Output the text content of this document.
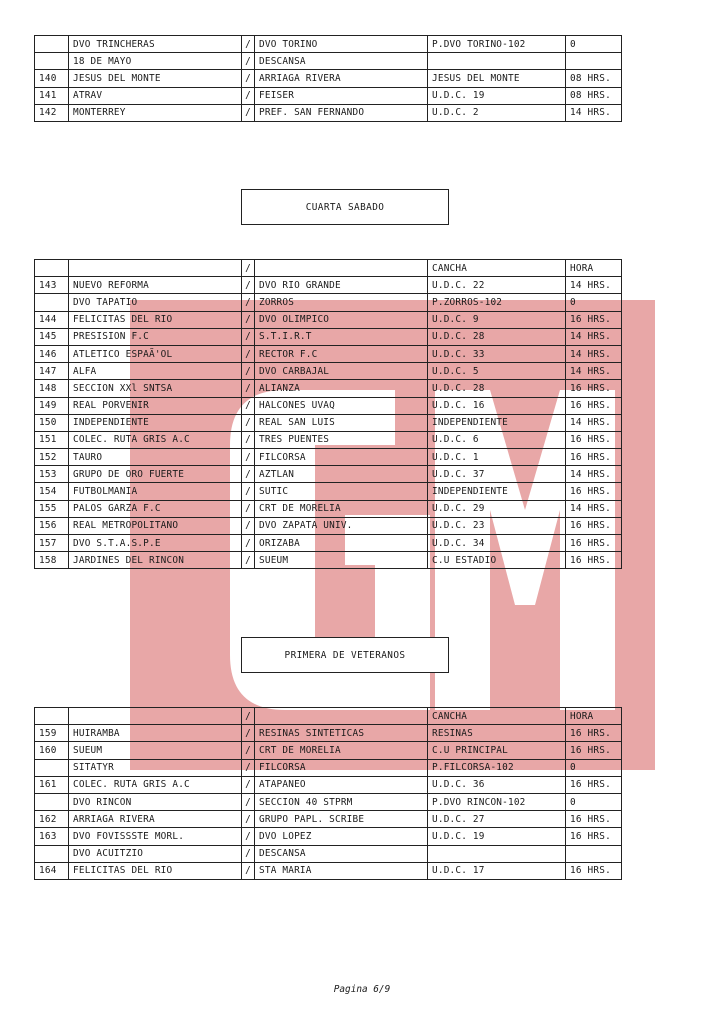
	DVO TRINCHERAS	/	DVO TORINO	P.DVO TORINO-102	0
	18 DE MAYO	/	DESCANSA		
140	JESUS DEL MONTE	/	ARRIAGA RIVERA	JESUS DEL MONTE	08 HRS.
141	ATRAV	/	FEISER	U.D.C. 19	08 HRS.
142	MONTERREY	/	PREF. SAN FERNANDO	U.D.C. 2	14 HRS.
CUARTA SABADO
		/		CANCHA	HORA
143	NUEVO REFORMA	/	DVO RIO GRANDE	U.D.C. 22	14 HRS.
	DVO TAPATIO	/	ZORROS	P.ZORROS-102	0
144	FELICITAS DEL RIO	/	DVO OLIMPICO	U.D.C. 9	16 HRS.
145	PRESISION F.C	/	S.T.I.R.T	U.D.C. 28	14 HRS.
146	ATLETICO ESPAÃ'OL	/	RECTOR F.C	U.D.C. 33	14 HRS.
147	ALFA	/	DVO CARBAJAL	U.D.C. 5	14 HRS.
148	SECCION XXl SNTSA	/	ALIANZA	U.D.C. 28	16 HRS.
149	REAL PORVENIR	/	HALCONES UVAQ	U.D.C. 16	16 HRS.
150	INDEPENDIENTE	/	REAL SAN LUIS	INDEPENDIENTE	14 HRS.
151	COLEC. RUTA GRIS A.C	/	TRES PUENTES	U.D.C. 6	16 HRS.
152	TAURO	/	FILCORSA	U.D.C. 1	16 HRS.
153	GRUPO DE ORO FUERTE	/	AZTLAN	U.D.C. 37	14 HRS.
154	FUTBOLMANIA	/	SUTIC	INDEPENDIENTE	16 HRS.
155	PALOS GARZA F.C	/	CRT DE MORELIA	U.D.C. 29	14 HRS.
156	REAL METROPOLITANO	/	DVO ZAPATA UNIV.	U.D.C. 23	16 HRS.
157	DVO S.T.A.S.P.E	/	ORIZABA	U.D.C. 34	16 HRS.
158	JARDINES DEL RINCON	/	SUEUM	C.U ESTADIO	16 HRS.
PRIMERA DE VETERANOS
		/		CANCHA	HORA
159	HUIRAMBA	/	RESINAS SINTETICAS	RESINAS	16 HRS.
160	SUEUM	/	CRT DE MORELIA	C.U PRINCIPAL	16 HRS.
	SITATYR	/	FILCORSA	P.FILCORSA-102	0
161	COLEC. RUTA GRIS A.C	/	ATAPANEO	U.D.C. 36	16 HRS.
	DVO RINCON	/	SECCION 40 STPRM	P.DVO RINCON-102	0
162	ARRIAGA RIVERA	/	GRUPO PAPL. SCRIBE	U.D.C. 27	16 HRS.
163	DVO FOVISSSTE MORL.	/	DVO LOPEZ	U.D.C. 19	16 HRS.
	DVO ACUITZIO	/	DESCANSA		
164	FELICITAS DEL RIO	/	STA MARIA	U.D.C. 17	16 HRS.
Pagina 6/9
